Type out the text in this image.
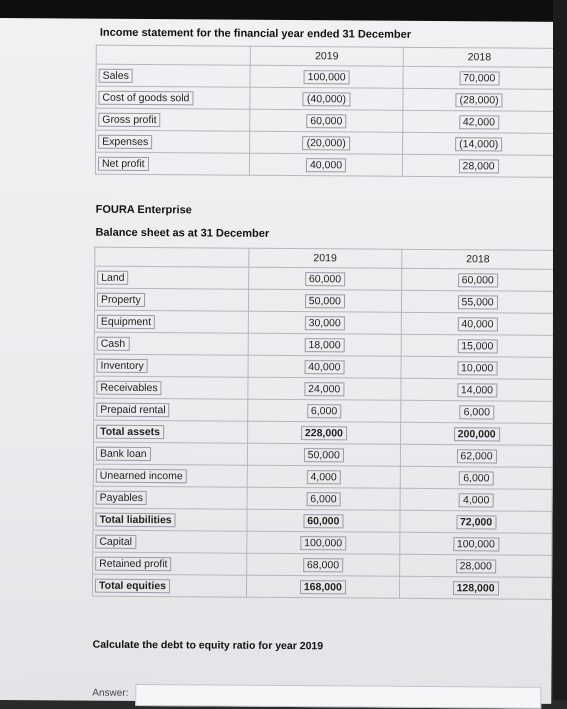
Income statement for the financial year ended 31 December
	2019	2018
Sales	100,000	70,000
Cost of goods sold	(40,000)	(28,000)
Gross profit	60,000	42,000
Expenses	(20,000)	(14,000)
Net profit	40,000	28,000
FOURA Enterprise
Balance sheet as at 31 December
	2019	2018
Land	60,000	60,000
Property	50,000	55,000
Equipment	30,000	40,000
Cash	18,000	15,000
Inventory	40,000	10,000
Receivables	24,000	14,000
Prepaid rental	6,000	6,000
Total assets	228,000	200,000
Bank loan	50,000	62,000
Unearned income	4,000	6,000
Payables	6,000	4,000
Total liabilities	60,000	72,000
Capital	100,000	100,000
Retained profit	68,000	28,000
Total equities	168,000	128,000
Calculate the debt to equity ratio for year 2019
Answer:
